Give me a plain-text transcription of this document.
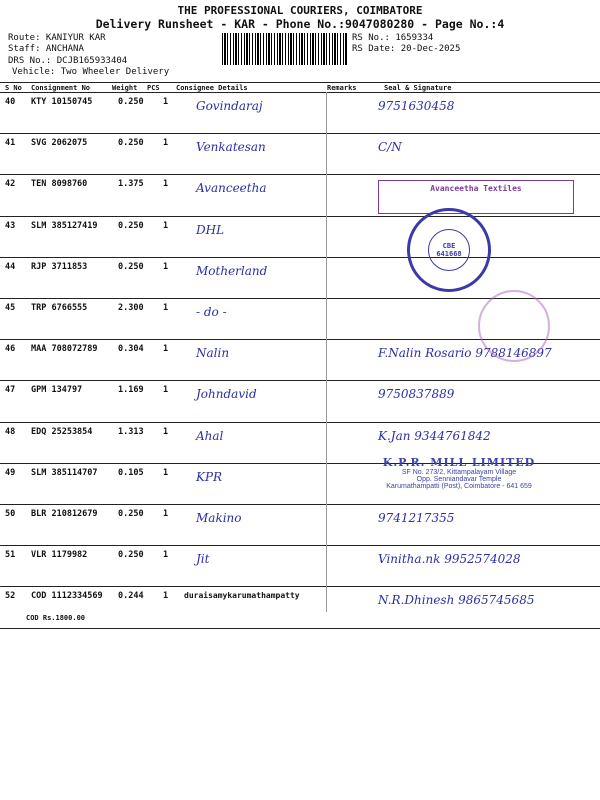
THE PROFESSIONAL COURIERS, COIMBATORE
Delivery Runsheet - KAR - Phone No.:9047080280 - Page No.:4
Route: KANIYUR KAR
Staff: ANCHANA
DRS No.: DCJB165933404
Vehicle: Two Wheeler Delivery
RS No.: 1659334
RS Date: 20-Dec-2025
S No Consignment No	Weight PCS Consignee Details	Remarks	Seal & Signature
40 KTY 10150745	0.250 1 Govindaraj	9751630458
41 SVG 2062075	0.250 1 Venkatesan	C/N
42 TEN 8098760	1.375 1 Avanceetha
43 SLM 385127419 0.250 1 DHL
44 RJP 3711853	0.250 1 Motherland
45 TRP 6766555	2.300 1 - do -
46 MAA 708072789 0.304 1 Nalin	F.Nalin Rosario 9788146897
47 GPM 134797	1.169 1 Johndavid	9750837889
48 EDQ 25253854	1.313 1 Ahal	K.Jan 9344761842
49 SLM 385114707 0.105 1 KPR
50 BLR 210812679 0.250 1 Makino	9741217355
51 VLR 1179982	0.250 1 Jit	Vinitha.nk 9952574028
52 COD 1112334569 0.244 1 duraisamykarumathampatty	N.R.Dhinesh 9865745685
COD Rs.1800.00
Avanceetha Textiles
CBE 641668
K.P.R. MILL LIMITED
SF No. 273/2, Kittampalayam Village
Opp. Senniandavar Temple
Karumathampatti (Post), Coimbatore - 641 659
